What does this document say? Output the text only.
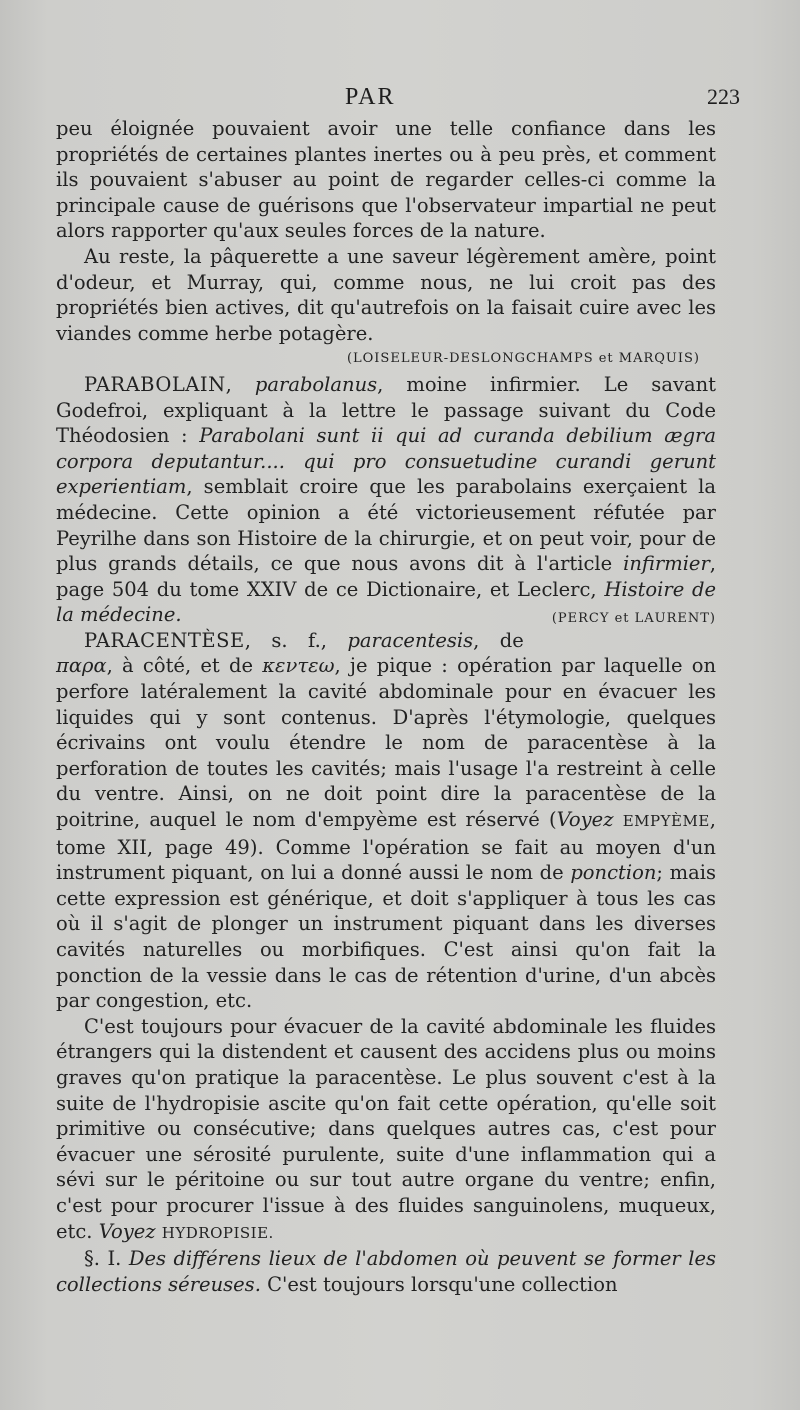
PAR	223

peu éloignée pouvaient avoir une telle confiance dans les propriétés de certaines plantes inertes ou à peu près, et comment ils pouvaient s'abuser au point de regarder celles-ci comme la principale cause de guérisons que l'observateur impartial ne peut alors rapporter qu'aux seules forces de la nature.

Au reste, la pâquerette a une saveur légèrement amère, point d'odeur, et Murray, qui, comme nous, ne lui croit pas des propriétés bien actives, dit qu'autrefois on la faisait cuire avec les viandes comme herbe potagère.

(LOISELEUR-DESLONGCHAMPS et MARQUIS)

PARABOLAIN, parabolanus, moine infirmier. Le savant Godefroi, expliquant à la lettre le passage suivant du Code Théodosien : Parabolani sunt ii qui ad curanda debilium ægra corpora deputantur.... qui pro consuetudine curandi gerunt experientiam, semblait croire que les parabolains exerçaient la médecine. Cette opinion a été victorieusement réfutée par Peyrilhe dans son Histoire de la chirurgie, et on peut voir, pour de plus grands détails, ce que nous avons dit à l'article infirmier, page 504 du tome XXIV de ce Dictionaire, et Leclerc, Histoire de la médecine.	(PERCY et LAURENT)

PARACENTÈSE, s. f., paracentesis, de παρα, à côté, et de κεντεω, je pique : opération par laquelle on perfore latéralement la cavité abdominale pour en évacuer les liquides qui y sont contenus. D'après l'étymologie, quelques écrivains ont voulu étendre le nom de paracentèse à la perforation de toutes les cavités; mais l'usage l'a restreint à celle du ventre. Ainsi, on ne doit point dire la paracentèse de la poitrine, auquel le nom d'empyème est réservé (Voyez EMPYÈME, tome XII, page 49). Comme l'opération se fait au moyen d'un instrument piquant, on lui a donné aussi le nom de ponction; mais cette expression est générique, et doit s'appliquer à tous les cas où il s'agit de plonger un instrument piquant dans les diverses cavités naturelles ou morbifiques. C'est ainsi qu'on fait la ponction de la vessie dans le cas de rétention d'urine, d'un abcès par congestion, etc.

C'est toujours pour évacuer de la cavité abdominale les fluides étrangers qui la distendent et causent des accidens plus ou moins graves qu'on pratique la paracentèse. Le plus souvent c'est à la suite de l'hydropisie ascite qu'on fait cette opération, qu'elle soit primitive ou consécutive; dans quelques autres cas, c'est pour évacuer une sérosité purulente, suite d'une inflammation qui a sévi sur le péritoine ou sur tout autre organe du ventre; enfin, c'est pour procurer l'issue à des fluides sanguinolens, muqueux, etc. Voyez HYDROPISIE.

§. I. Des différens lieux de l'abdomen où peuvent se former les collections séreuses. C'est toujours lorsqu'une collection
